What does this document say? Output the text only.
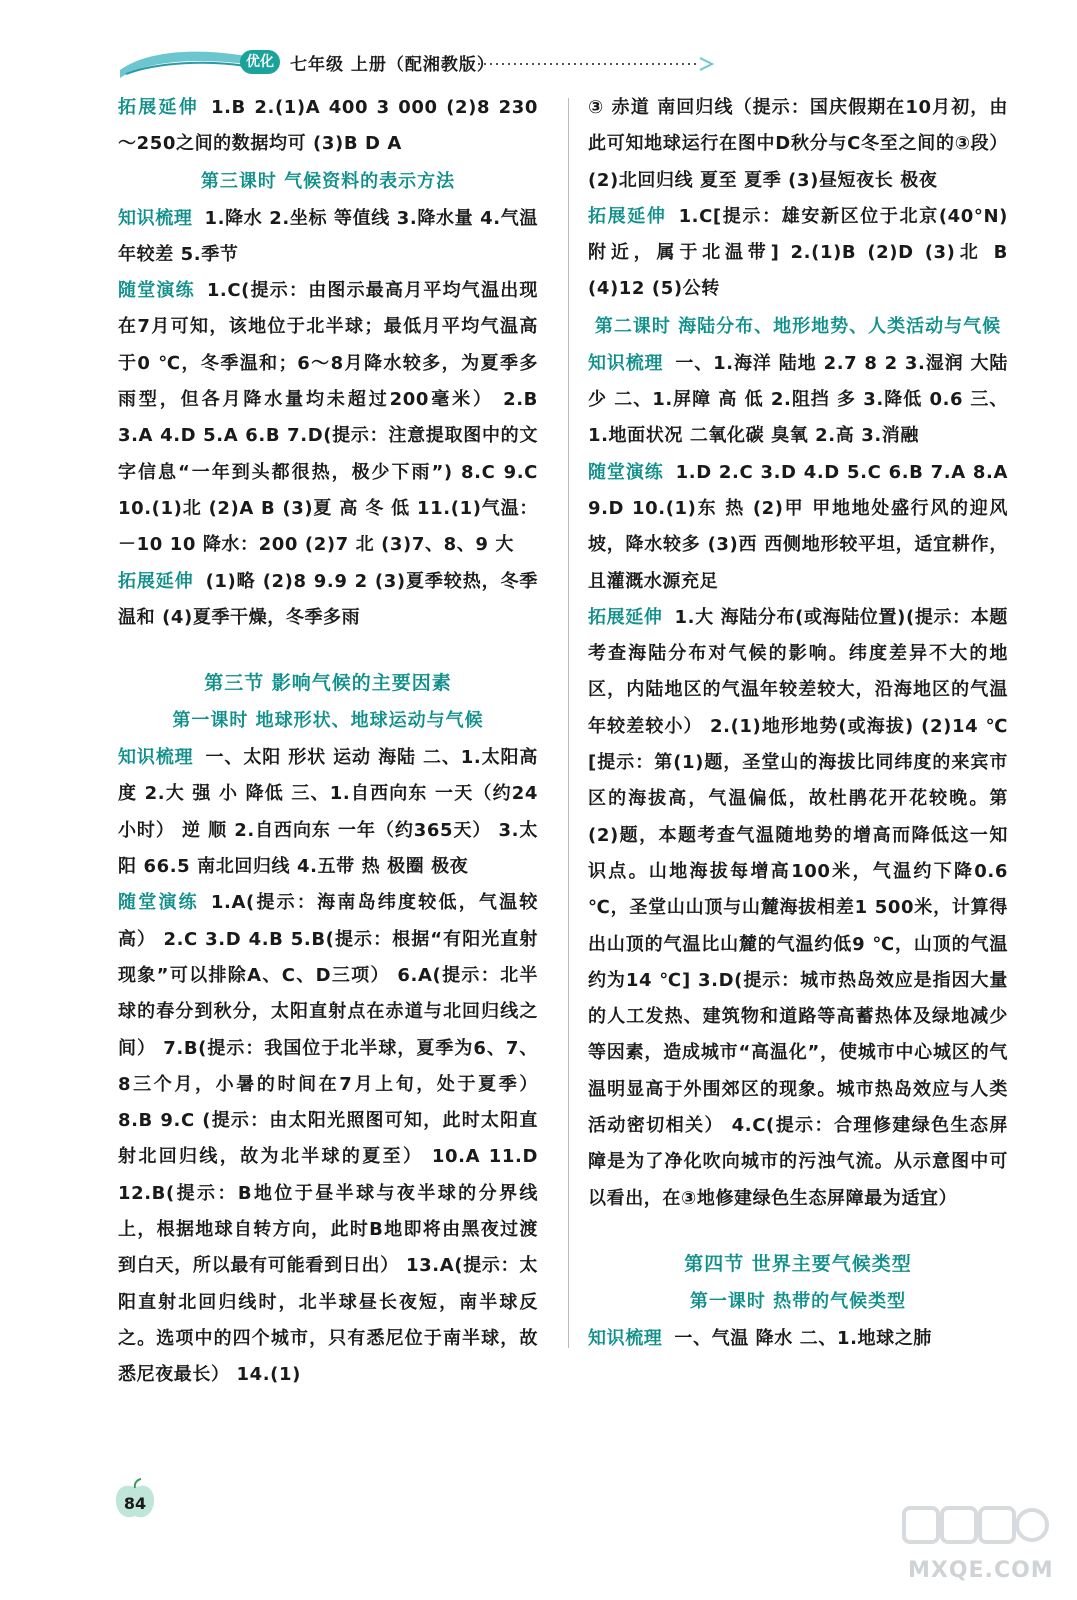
优化 七年级 上册（配湘教版）

拓展延伸 1.B 2.(1)A 400 3 000 (2)8 230～250之间的数据均可 (3)B D A

第三课时 气候资料的表示方法

知识梳理 1.降水 2.坐标 等值线 3.降水量 4.气温年较差 5.季节

随堂演练 1.C(提示：由图示最高月平均气温出现在7月可知，该地位于北半球；最低月平均气温高于0 ℃，冬季温和；6～8月降水较多，为夏季多雨型，但各月降水量均未超过200毫米） 2.B 3.A 4.D 5.A 6.B 7.D(提示：注意提取图中的文字信息“一年到头都很热，极少下雨”) 8.C 9.C 10.(1)北 (2)A B (3)夏 高 冬 低 11.(1)气温：－10 10 降水：200 (2)7 北 (3)7、8、9 大

拓展延伸 (1)略 (2)8 9.9 2 (3)夏季较热，冬季温和 (4)夏季干燥，冬季多雨

第三节 影响气候的主要因素
第一课时 地球形状、地球运动与气候

知识梳理 一、太阳 形状 运动 海陆 二、1.太阳高度 2.大 强 小 降低 三、1.自西向东 一天（约24小时） 逆 顺 2.自西向东 一年（约365天） 3.太阳 66.5 南北回归线 4.五带 热 极圈 极夜

随堂演练 1.A(提示：海南岛纬度较低，气温较高） 2.C 3.D 4.B 5.B(提示：根据“有阳光直射现象”可以排除A、C、D三项） 6.A(提示：北半球的春分到秋分，太阳直射点在赤道与北回归线之间） 7.B(提示：我国位于北半球，夏季为6、7、8三个月，小暑的时间在7月上旬，处于夏季） 8.B 9.C (提示：由太阳光照图可知，此时太阳直射北回归线，故为北半球的夏至） 10.A 11.D 12.B(提示：B地位于昼半球与夜半球的分界线上，根据地球自转方向，此时B地即将由黑夜过渡到白天，所以最有可能看到日出） 13.A(提示：太阳直射北回归线时，北半球昼长夜短，南半球反之。选项中的四个城市，只有悉尼位于南半球，故悉尼夜最长） 14.(1)

③ 赤道 南回归线（提示：国庆假期在10月初，由此可知地球运行在图中D秋分与C冬至之间的③段） (2)北回归线 夏至 夏季 (3)昼短夜长 极夜

拓展延伸 1.C[提示：雄安新区位于北京(40°N)附近，属于北温带] 2.(1)B (2)D (3)北 B (4)12 (5)公转

第二课时 海陆分布、地形地势、人类活动与气候

知识梳理 一、1.海洋 陆地 2.7 8 2 3.湿润 大陆 少 二、1.屏障 高 低 2.阻挡 多 3.降低 0.6 三、1.地面状况 二氧化碳 臭氧 2.高 3.消融

随堂演练 1.D 2.C 3.D 4.D 5.C 6.B 7.A 8.A 9.D 10.(1)东 热 (2)甲 甲地地处盛行风的迎风坡，降水较多 (3)西 西侧地形较平坦，适宜耕作，且灌溉水源充足

拓展延伸 1.大 海陆分布(或海陆位置)(提示：本题考查海陆分布对气候的影响。纬度差异不大的地区，内陆地区的气温年较差较大，沿海地区的气温年较差较小） 2.(1)地形地势(或海拔) (2)14 ℃[提示：第(1)题，圣堂山的海拔比同纬度的来宾市区的海拔高，气温偏低，故杜鹃花开花较晚。第(2)题，本题考查气温随地势的增高而降低这一知识点。山地海拔每增高100米，气温约下降0.6 ℃，圣堂山山顶与山麓海拔相差1 500米，计算得出山顶的气温比山麓的气温约低9 ℃，山顶的气温约为14 ℃] 3.D(提示：城市热岛效应是指因大量的人工发热、建筑物和道路等高蓄热体及绿地减少等因素，造成城市“高温化”，使城市中心城区的气温明显高于外围郊区的现象。城市热岛效应与人类活动密切相关） 4.C(提示：合理修建绿色生态屏障是为了净化吹向城市的污浊气流。从示意图中可以看出，在③地修建绿色生态屏障最为适宜）

第四节 世界主要气候类型
第一课时 热带的气候类型

知识梳理 一、气温 降水 二、1.地球之肺

84
MXQE.COM
